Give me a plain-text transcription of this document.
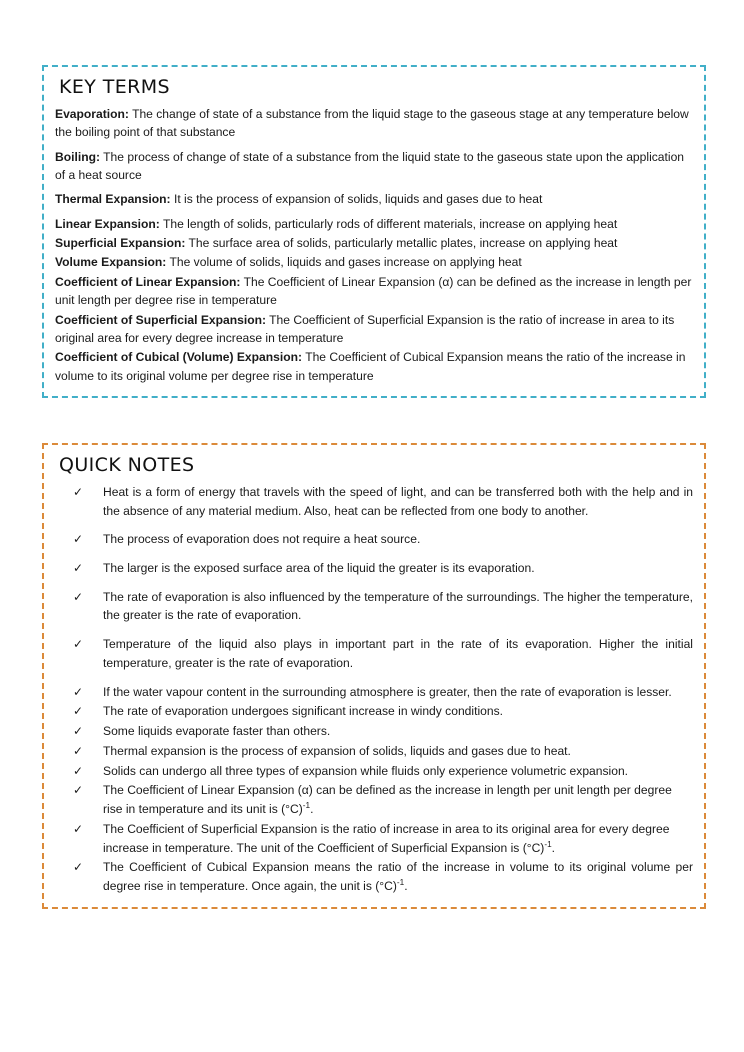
KEY TERMS

Evaporation: The change of state of a substance from the liquid stage to the gaseous stage at any temperature below the boiling point of that substance

Boiling: The process of change of state of a substance from the liquid state to the gaseous state upon the application of a heat source

Thermal Expansion: It is the process of expansion of solids, liquids and gases due to heat

Linear Expansion: The length of solids, particularly rods of different materials, increase on applying heat

Superficial Expansion: The surface area of solids, particularly metallic plates, increase on applying heat

Volume Expansion: The volume of solids, liquids and gases increase on applying heat

Coefficient of Linear Expansion: The Coefficient of Linear Expansion (α) can be defined as the increase in length per unit length per degree rise in temperature

Coefficient of Superficial Expansion: The Coefficient of Superficial Expansion is the ratio of increase in area to its original area for every degree increase in temperature

Coefficient of Cubical (Volume) Expansion: The Coefficient of Cubical Expansion means the ratio of the increase in volume to its original volume per degree rise in temperature

QUICK NOTES
✓ Heat is a form of energy that travels with the speed of light, and can be transferred both with the help and in the absence of any material medium. Also, heat can be reflected from one body to another.
✓ The process of evaporation does not require a heat source.
✓ The larger is the exposed surface area of the liquid the greater is its evaporation.
✓ The rate of evaporation is also influenced by the temperature of the surroundings. The higher the temperature, the greater is the rate of evaporation.
✓ Temperature of the liquid also plays in important part in the rate of its evaporation. Higher the initial temperature, greater is the rate of evaporation.
✓ If the water vapour content in the surrounding atmosphere is greater, then the rate of evaporation is lesser.
✓ The rate of evaporation undergoes significant increase in windy conditions.
✓ Some liquids evaporate faster than others.
✓ Thermal expansion is the process of expansion of solids, liquids and gases due to heat.
✓ Solids can undergo all three types of expansion while fluids only experience volumetric expansion.
✓ The Coefficient of Linear Expansion (α) can be defined as the increase in length per unit length per degree rise in temperature and its unit is $(^\circ C)^{-1}$.
✓ The Coefficient of Superficial Expansion is the ratio of increase in area to its original area for every degree increase in temperature. The unit of the Coefficient of Superficial Expansion is $(^\circ C)^{-1}$.
✓ The Coefficient of Cubical Expansion means the ratio of the increase in volume to its original volume per degree rise in temperature. Once again, the unit is $(^\circ C)^{-1}$.
